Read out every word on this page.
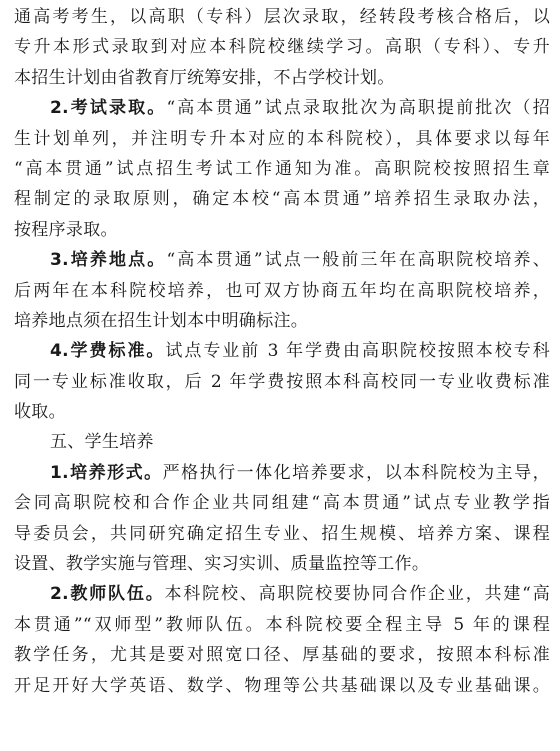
通高考考生，以高职（专科）层次录取，经转段考核合格后，以
专升本形式录取到对应本科院校继续学习。高职（专科）、专升
本招生计划由省教育厅统筹安排，不占学校计划。
2.考试录取。“高本贯通”试点录取批次为高职提前批次（招
生计划单列，并注明专升本对应的本科院校），具体要求以每年
“高本贯通”试点招生考试工作通知为准。高职院校按照招生章
程制定的录取原则，确定本校“高本贯通”培养招生录取办法，
按程序录取。
3.培养地点。“高本贯通”试点一般前三年在高职院校培养、
后两年在本科院校培养，也可双方协商五年均在高职院校培养，
培养地点须在招生计划本中明确标注。
4.学费标准。试点专业前 3 年学费由高职院校按照本校专科
同一专业标准收取，后 2 年学费按照本科高校同一专业收费标准
收取。
五、学生培养
1.培养形式。严格执行一体化培养要求，以本科院校为主导，
会同高职院校和合作企业共同组建“高本贯通”试点专业教学指
导委员会，共同研究确定招生专业、招生规模、培养方案、课程
设置、教学实施与管理、实习实训、质量监控等工作。
2.教师队伍。本科院校、高职院校要协同合作企业，共建“高
本贯通”“双师型”教师队伍。本科院校要全程主导 5 年的课程
教学任务，尤其是要对照宽口径、厚基础的要求，按照本科标准
开足开好大学英语、数学、物理等公共基础课以及专业基础课。
